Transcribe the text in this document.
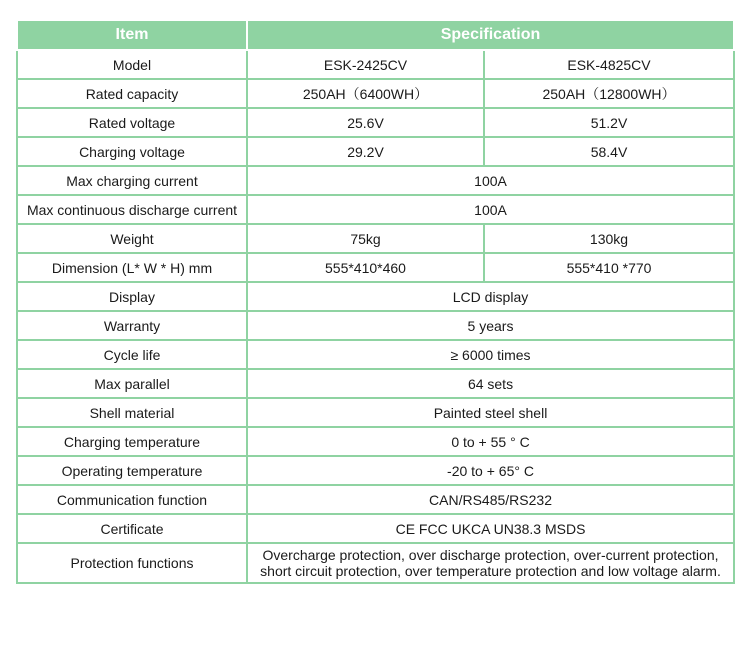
Item	Specification	
Model	ESK-2425CV	ESK-4825CV
Rated capacity	250AH（6400WH）	250AH（12800WH）
Rated voltage	25.6V	51.2V
Charging voltage	29.2V	58.4V
Max charging current	100A	
Max continuous discharge current	100A	
Weight	75kg	130kg
Dimension (L* W * H) mm	555*410*460	555*410 *770
Display	LCD display	
Warranty	5 years	
Cycle life	≥ 6000 times	
Max parallel	64 sets	
Shell material	Painted steel shell	
Charging temperature	0 to + 55 ° C	
Operating temperature	-20 to + 65° C	
Communication function	CAN/RS485/RS232	
Certificate	CE FCC UKCA UN38.3 MSDS	
Protection functions	Overcharge protection, over discharge protection, over-current protection, short circuit protection, over temperature protection and low voltage alarm.	
